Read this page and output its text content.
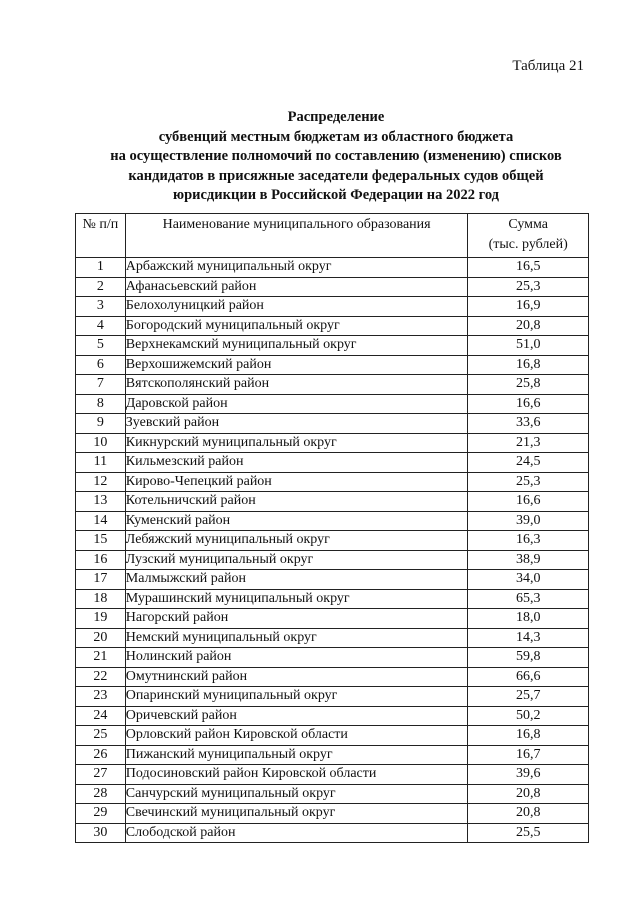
Таблица 21
Распределение
субвенций местным бюджетам из областного бюджета
на осуществление полномочий по составлению (изменению) списков
кандидатов в присяжные заседатели федеральных судов общей
юрисдикции в Российской Федерации на 2022 год
№ п/п	Наименование муниципального образования	Сумма
(тыс. рублей)

1	Арбажский муниципальный округ	16,5
2	Афанасьевский район	25,3
3	Белохолуницкий район	16,9
4	Богородский муниципальный округ	20,8
5	Верхнекамский муниципальный округ	51,0
6	Верхошижемский район	16,8
7	Вятскополянский район	25,8
8	Даровской район	16,6
9	Зуевский район	33,6
10	Кикнурский муниципальный округ	21,3
11	Кильмезский район	24,5
12	Кирово-Чепецкий район	25,3
13	Котельничский район	16,6
14	Куменский район	39,0
15	Лебяжский муниципальный округ	16,3
16	Лузский муниципальный округ	38,9
17	Малмыжский район	34,0
18	Мурашинский муниципальный округ	65,3
19	Нагорский район	18,0
20	Немский муниципальный округ	14,3
21	Нолинский район	59,8
22	Омутнинский район	66,6
23	Опаринский муниципальный округ	25,7
24	Оричевский район	50,2
25	Орловский район Кировской области	16,8
26	Пижанский муниципальный округ	16,7
27	Подосиновский район Кировской области	39,6
28	Санчурский муниципальный округ	20,8
29	Свечинский муниципальный округ	20,8
30	Слободской район	25,5
